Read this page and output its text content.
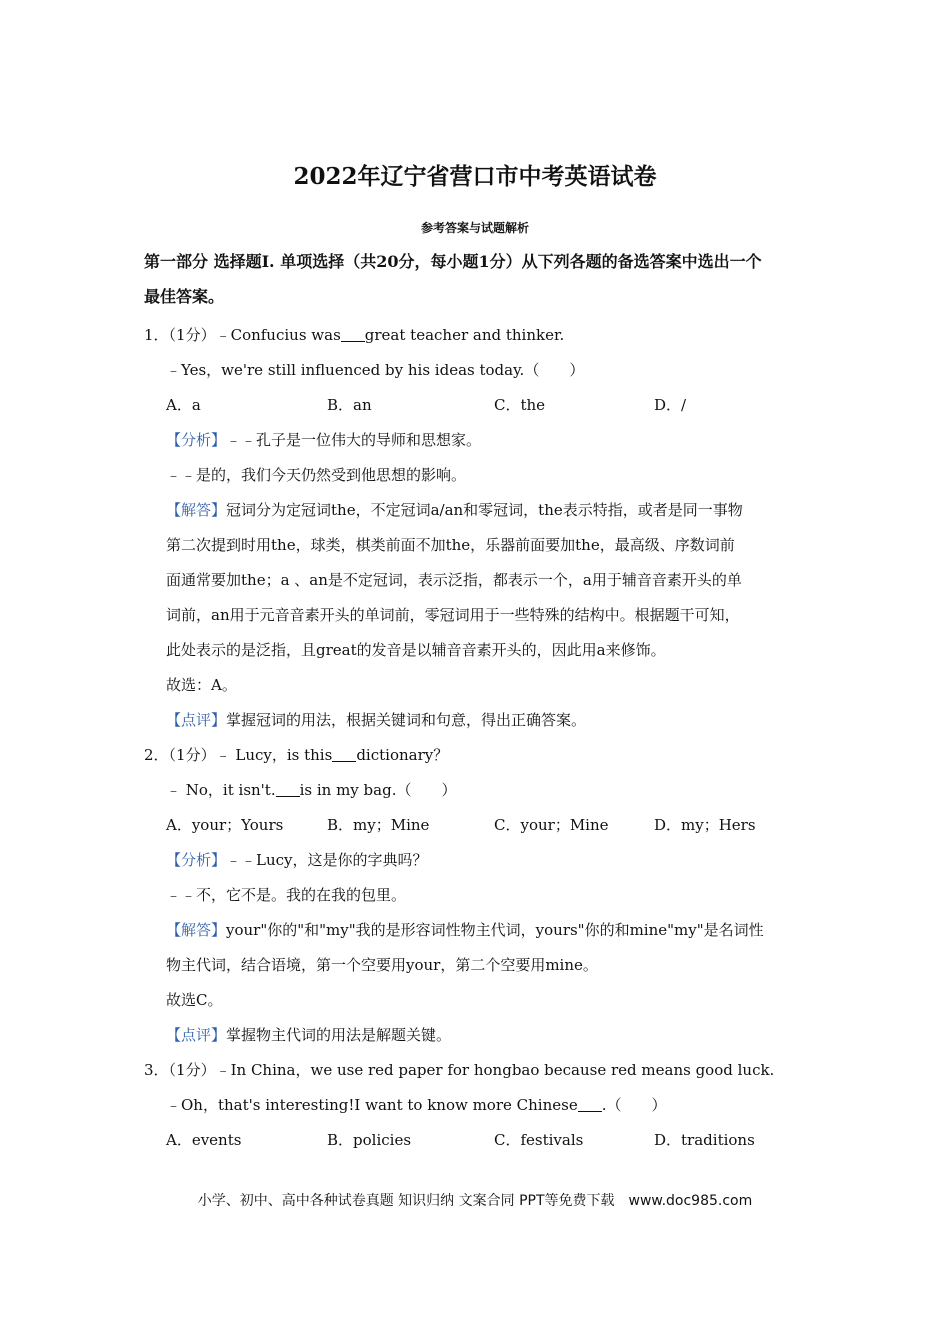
2022年辽宁省营口市中考英语试卷
参考答案与试题解析
第一部分 选择题I. 单项选择（共20分，每小题1分）从下列各题的备选答案中选出一个
最佳答案。
1．（1分）﹣Confucius was great teacher and thinker.
﹣Yes，we're still influenced by his ideas today.（　　）
A．a	B．an	C．the	D．/
【分析】﹣﹣孔子是一位伟大的导师和思想家。
﹣﹣是的，我们今天仍然受到他思想的影响。
【解答】冠词分为定冠词the，不定冠词a/an和零冠词，the表示特指，或者是同一事物
第二次提到时用the，球类，棋类前面不加the，乐器前面要加the，最高级、序数词前
面通常要加the；a 、an是不定冠词，表示泛指，都表示一个，a用于辅音音素开头的单
词前，an用于元音音素开头的单词前，零冠词用于一些特殊的结构中。根据题干可知，
此处表示的是泛指，且great的发音是以辅音音素开头的，因此用a来修饰。
故选：A。
【点评】掌握冠词的用法，根据关键词和句意，得出正确答案。
2．（1分）﹣ Lucy，is this dictionary？
﹣ No，it isn't. is in my bag.（　　）
A．your；Yours	B．my；Mine	C．your；Mine	D．my；Hers
【分析】﹣﹣Lucy，这是你的字典吗？
﹣﹣不，它不是。我的在我的包里。
【解答】your"你的"和"my"我的是形容词性物主代词，yours"你的和mine"my"是名词性
物主代词，结合语境，第一个空要用your，第二个空要用mine。
故选C。
【点评】掌握物主代词的用法是解题关键。
3．（1分）﹣In China，we use red paper for hongbao because red means good luck.
﹣Oh，that's interesting!I want to know more Chinese .（　　）
A．events	B．policies	C．festivals	D．traditions
小学、初中、高中各种试卷真题 知识归纳 文案合同 PPT等免费下载　www.doc985.com
